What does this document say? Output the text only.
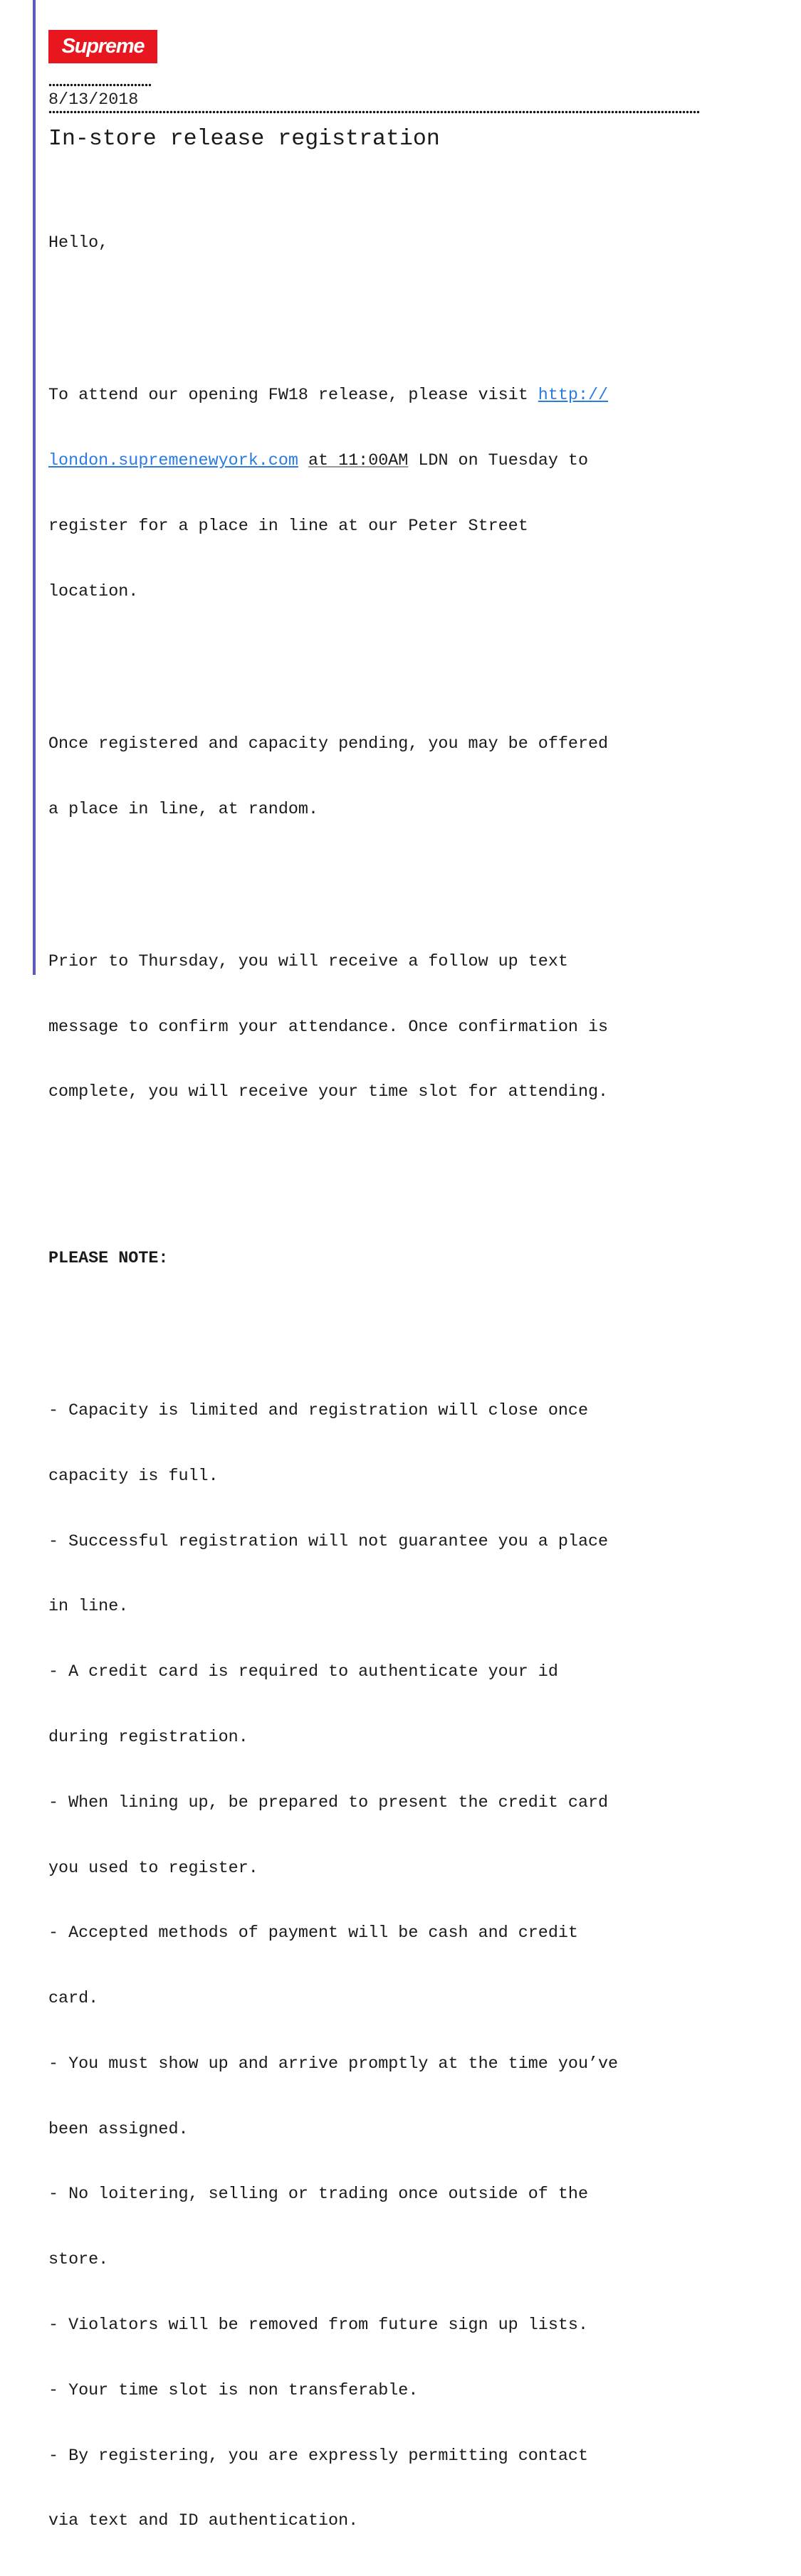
Supreme
8/13/2018
In-store release registration

Hello,

To attend our opening FW18 release, please visit http://

london.supremenewyork.com at 11:00AM LDN on Tuesday to

register for a place in line at our Peter Street

location.

Once registered and capacity pending, you may be offered

a place in line, at random.

Prior to Thursday, you will receive a follow up text

message to confirm your attendance. Once confirmation is

complete, you will receive your time slot for attending.

PLEASE NOTE:

- Capacity is limited and registration will close once

capacity is full.

- Successful registration will not guarantee you a place

in line.

- A credit card is required to authenticate your id

during registration.

- When lining up, be prepared to present the credit card

you used to register.

- Accepted methods of payment will be cash and credit

card.

- You must show up and arrive promptly at the time you’ve

been assigned.

- No loitering, selling or trading once outside of the

store.

- Violators will be removed from future sign up lists.

- Your time slot is non transferable.

- By registering, you are expressly permitting contact

via text and ID authentication.
